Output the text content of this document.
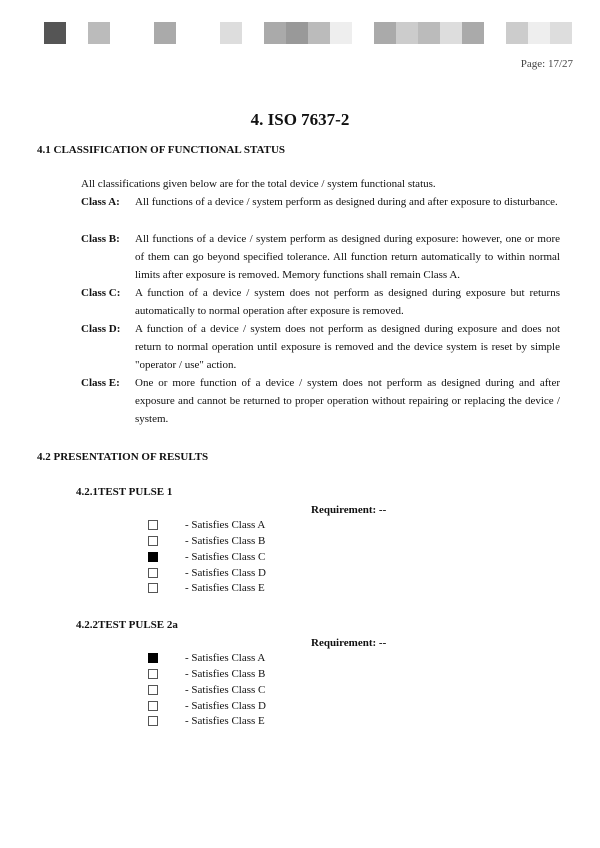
Page: 17/27
4. ISO 7637-2
4.1 CLASSIFICATION OF FUNCTIONAL STATUS
All classifications given below are for the total device / system functional status.
Class A: All functions of a device / system perform as designed during and after exposure to disturbance.
Class B: All functions of a device / system perform as designed during exposure: however, one or more of them can go beyond specified tolerance. All function return automatically to within normal limits after exposure is removed. Memory functions shall remain Class A.
Class C: A function of a device / system does not perform as designed during exposure but returns automatically to normal operation after exposure is removed.
Class D: A function of a device / system does not perform as designed during exposure and does not return to normal operation until exposure is removed and the device system is reset by simple "operator / use" action.
Class E: One or more function of a device / system does not perform as designed during and after exposure and cannot be returned to proper operation without repairing or replacing the device / system.
4.2 PRESENTATION OF RESULTS
4.2.1TEST PULSE 1
Requirement: --
- Satisfies Class A
- Satisfies Class B
- Satisfies Class C
- Satisfies Class D
- Satisfies Class E
4.2.2TEST PULSE 2a
Requirement: --
- Satisfies Class A
- Satisfies Class B
- Satisfies Class C
- Satisfies Class D
- Satisfies Class E
